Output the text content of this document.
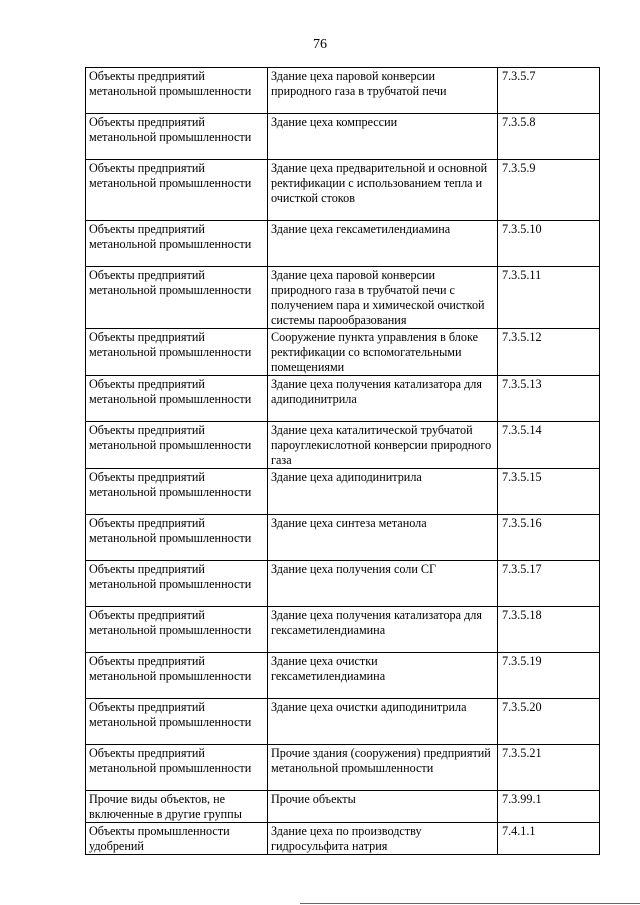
76
Объекты предприятий метанольной промышленности	Здание цеха паровой конверсии природного газа в трубчатой печи	7.3.5.7
Объекты предприятий метанольной промышленности	Здание цеха компрессии	7.3.5.8
Объекты предприятий метанольной промышленности	Здание цеха предварительной и основной ректификации с использованием тепла и очисткой стоков	7.3.5.9
Объекты предприятий метанольной промышленности	Здание цеха гексаметилендиамина	7.3.5.10
Объекты предприятий метанольной промышленности	Здание цеха паровой конверсии природного газа в трубчатой печи с получением пара и химической очисткой системы парообразования	7.3.5.11
Объекты предприятий метанольной промышленности	Сооружение пункта управления в блоке ректификации со вспомогательными помещениями	7.3.5.12
Объекты предприятий метанольной промышленности	Здание цеха получения катализатора для адиподинитрила	7.3.5.13
Объекты предприятий метанольной промышленности	Здание цеха каталитической трубчатой пароуглекислотной конверсии природного газа	7.3.5.14
Объекты предприятий метанольной промышленности	Здание цеха адиподинитрила	7.3.5.15
Объекты предприятий метанольной промышленности	Здание цеха синтеза метанола	7.3.5.16
Объекты предприятий метанольной промышленности	Здание цеха получения соли СГ	7.3.5.17
Объекты предприятий метанольной промышленности	Здание цеха получения катализатора для гексаметилендиамина	7.3.5.18
Объекты предприятий метанольной промышленности	Здание цеха очистки гексаметилендиамина	7.3.5.19
Объекты предприятий метанольной промышленности	Здание цеха очистки адиподинитрила	7.3.5.20
Объекты предприятий метанольной промышленности	Прочие здания (сооружения) предприятий метанольной промышленности	7.3.5.21
Прочие виды объектов, не включенные в другие группы	Прочие объекты	7.3.99.1
Объекты промышленности удобрений	Здание цеха по производству гидросульфита натрия	7.4.1.1
